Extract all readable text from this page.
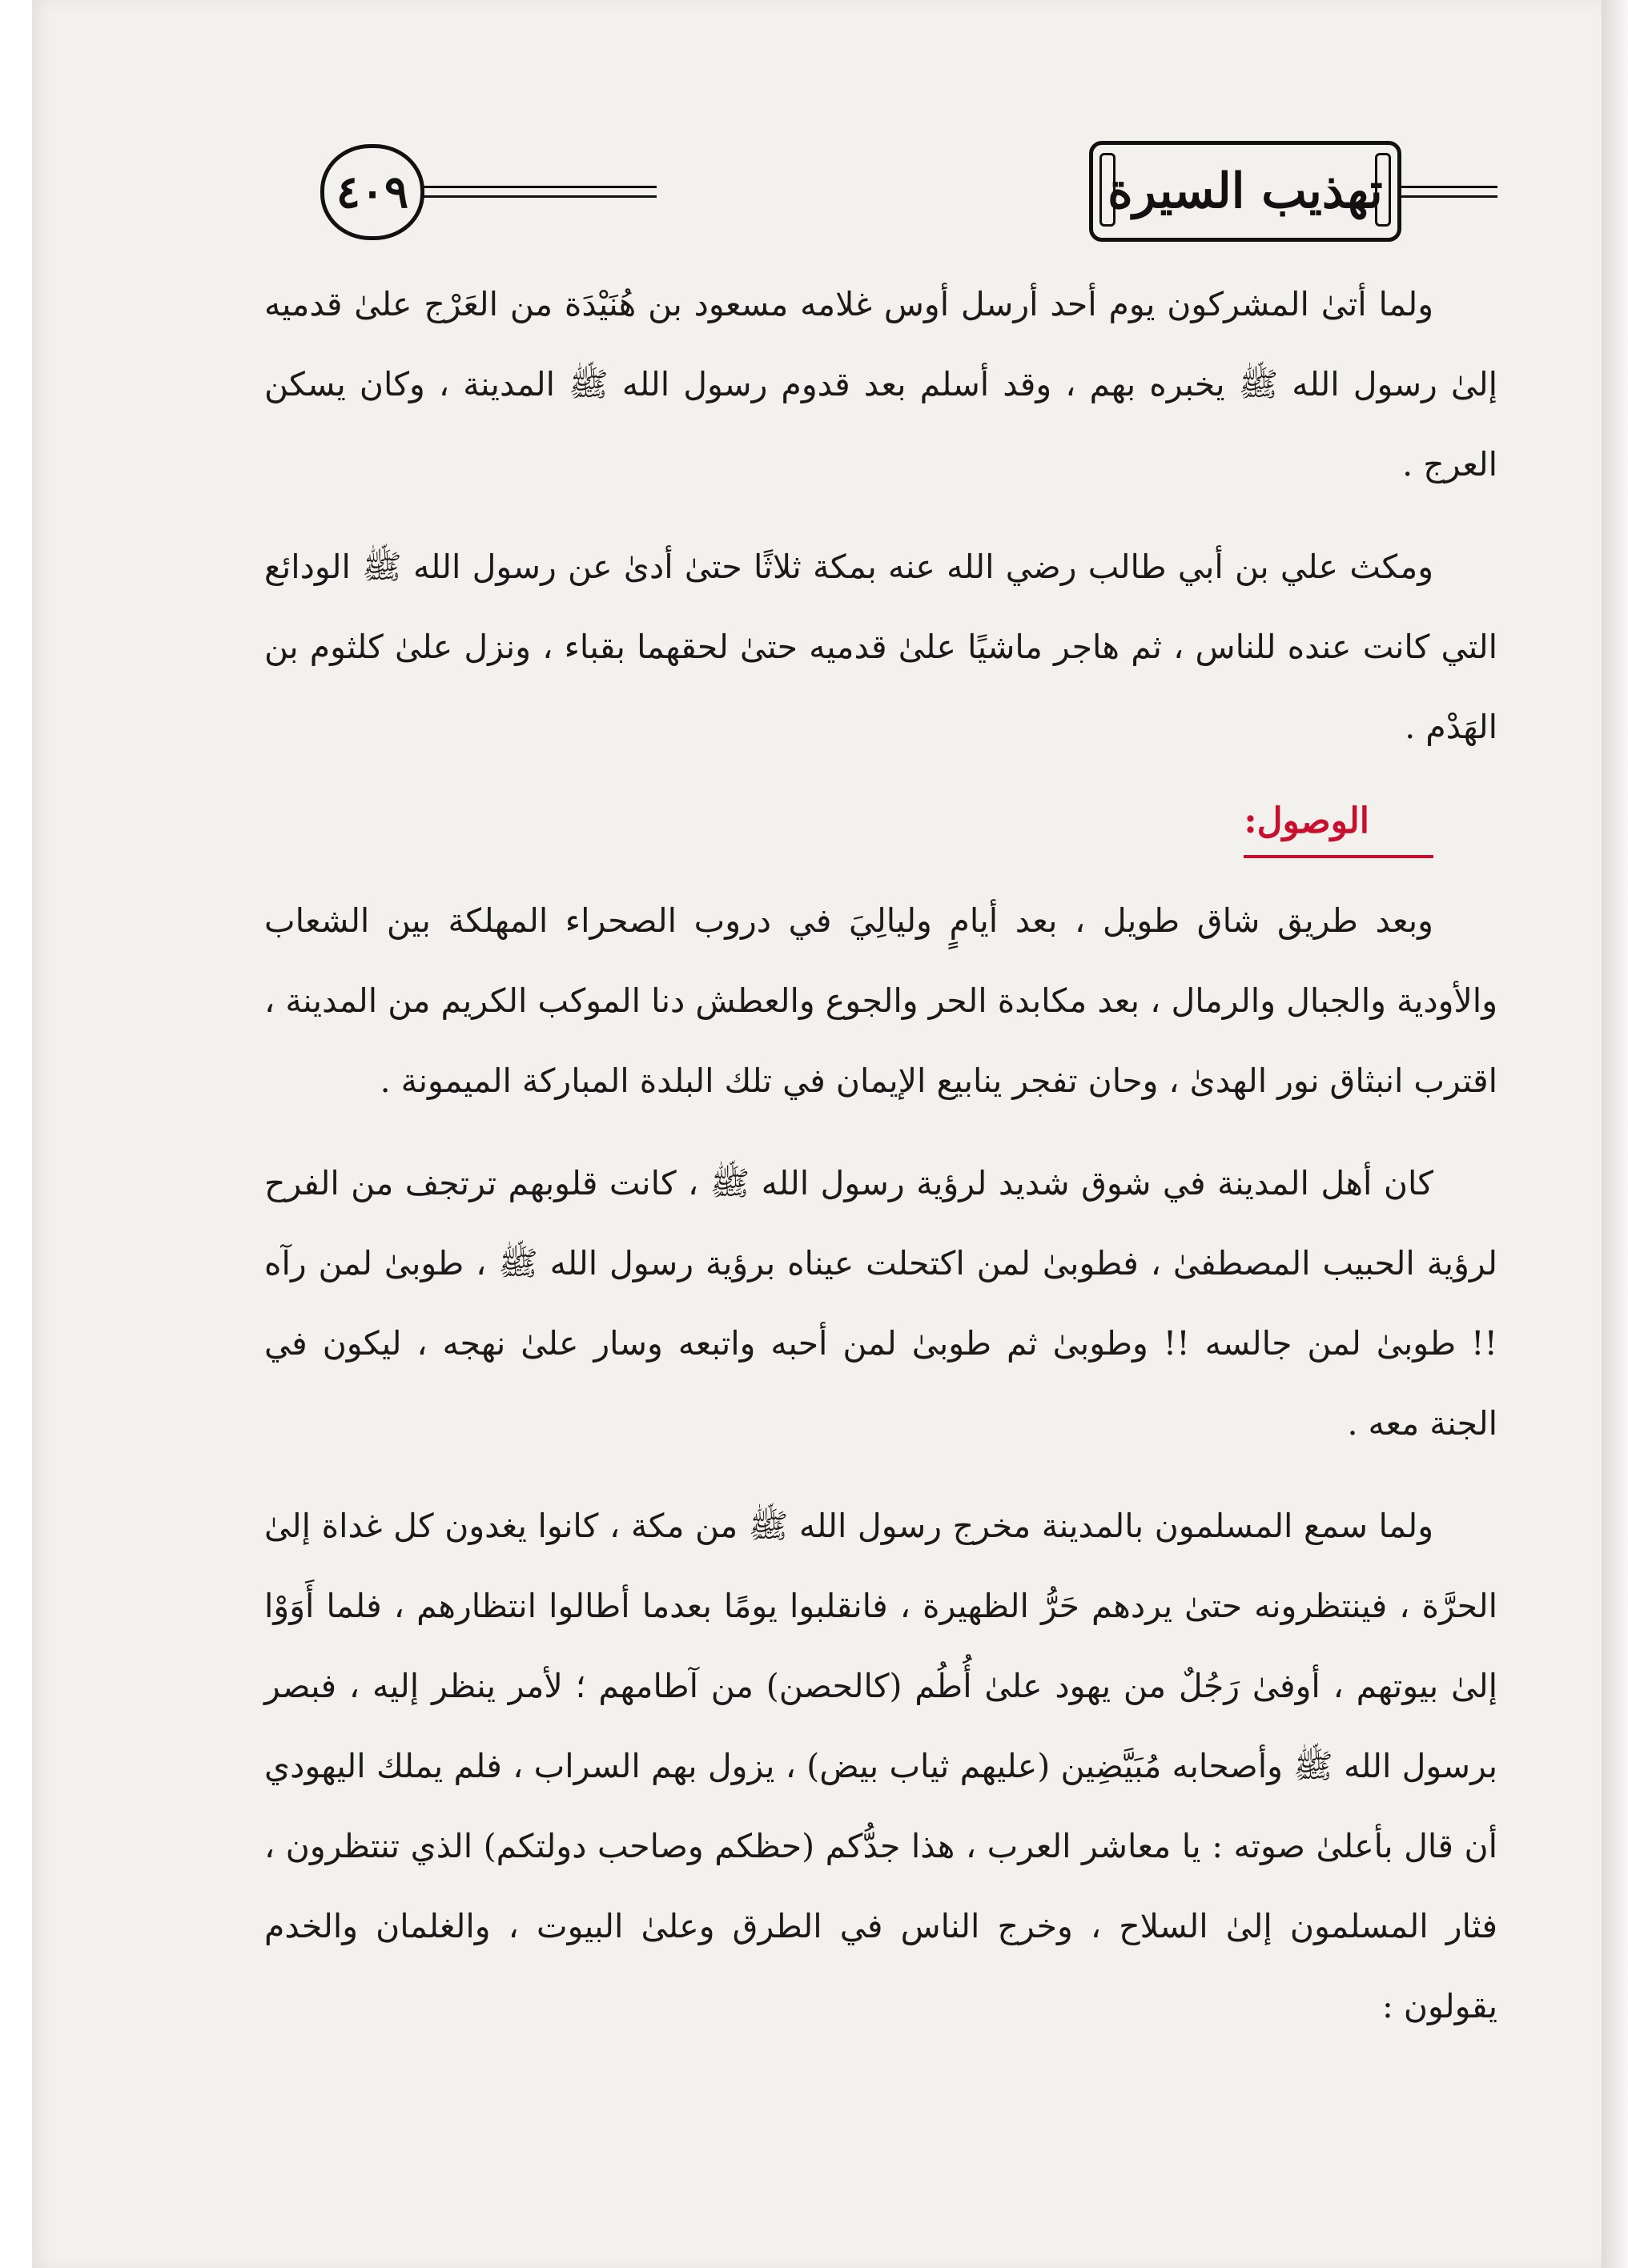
٤٠٩	تهذيب السيرة

ولما أتىٰ المشركون يوم أحد أرسل أوس غلامه مسعود بن هُنَيْدَة من العَرْج علىٰ قدميه إلىٰ رسول الله ﷺ يخبره بهم ، وقد أسلم بعد قدوم رسول الله ﷺ المدينة ، وكان يسكن العرج .

ومكث علي بن أبي طالب رضي الله عنه بمكة ثلاثًا حتىٰ أدىٰ عن رسول الله ﷺ الودائع التي كانت عنده للناس ، ثم هاجر ماشيًا علىٰ قدميه حتىٰ لحقهما بقباء ، ونزل علىٰ كلثوم بن الهَدْم .

الوصول:

وبعد طريق شاق طويل ، بعد أيامٍ وليالِيَ في دروب الصحراء المهلكة بين الشعاب والأودية والجبال والرمال ، بعد مكابدة الحر والجوع والعطش دنا الموكب الكريم من المدينة ، اقترب انبثاق نور الهدىٰ ، وحان تفجر ينابيع الإيمان في تلك البلدة المباركة الميمونة .

كان أهل المدينة في شوق شديد لرؤية رسول الله ﷺ ، كانت قلوبهم ترتجف من الفرح لرؤية الحبيب المصطفىٰ ، فطوبىٰ لمن اكتحلت عيناه برؤية رسول الله ﷺ ، طوبىٰ لمن رآه !! طوبىٰ لمن جالسه !! وطوبىٰ ثم طوبىٰ لمن أحبه واتبعه وسار علىٰ نهجه ، ليكون في الجنة معه .

ولما سمع المسلمون بالمدينة مخرج رسول الله ﷺ من مكة ، كانوا يغدون كل غداة إلىٰ الحرَّة ، فينتظرونه حتىٰ يردهم حَرُّ الظهيرة ، فانقلبوا يومًا بعدما أطالوا انتظارهم ، فلما أَوَوْا إلىٰ بيوتهم ، أوفىٰ رَجُلٌ من يهود علىٰ أُطُم (كالحصن) من آطامهم ؛ لأمر ينظر إليه ، فبصر برسول الله ﷺ وأصحابه مُبَيَّضِين (عليهم ثياب بيض) ، يزول بهم السراب ، فلم يملك اليهودي أن قال بأعلىٰ صوته : يا معاشر العرب ، هذا جدُّكم (حظكم وصاحب دولتكم) الذي تنتظرون ، فثار المسلمون إلىٰ السلاح ، وخرج الناس في الطرق وعلىٰ البيوت ، والغلمان والخدم يقولون :
